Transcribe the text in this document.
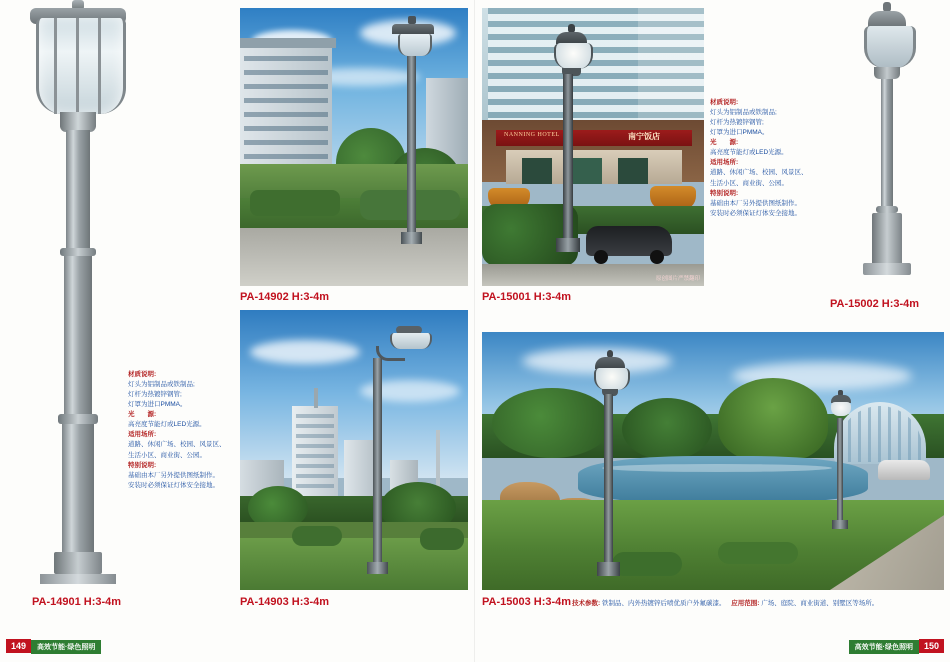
材质说明:
灯头为铝制品或铁制品;
灯杆为热镀锌钢管;
灯罩为进口PMMA。
光　　源:
高亮度节能灯或LED光源。
适用场所:
道路、休闲广场、校园、风景区、
生活小区、商业街、公园。
特别说明:
基础由本厂另外提供图纸制作。
安装时必须保证灯体安全接地。
PA-14901 H:3-4m
PA-14902 H:3-4m
NANNING HOTEL	南宁饭店
原创图片严禁翻印
PA-15001 H:3-4m
材质说明:
灯头为铝制品或铁制品;
灯杆为热镀锌钢管;
灯罩为进口PMMA。
光　　源:
高亮度节能灯或LED光源。
适用场所:
道路、休闲广场、校园、风景区、
生活小区、商业街、公园。
特别说明:
基础由本厂另外提供图纸制作。
安装时必须保证灯体安全接地。
PA-15002 H:3-4m
PA-14903 H:3-4m	PA-15003 H:3-4m 技术参数: 铁制品、内外热镀锌后喷优质户外氟碳漆。 应用范围: 广场、庭院、商业街道、别墅区等场所。
149 高效节能·绿色照明	高效节能·绿色照明 150
